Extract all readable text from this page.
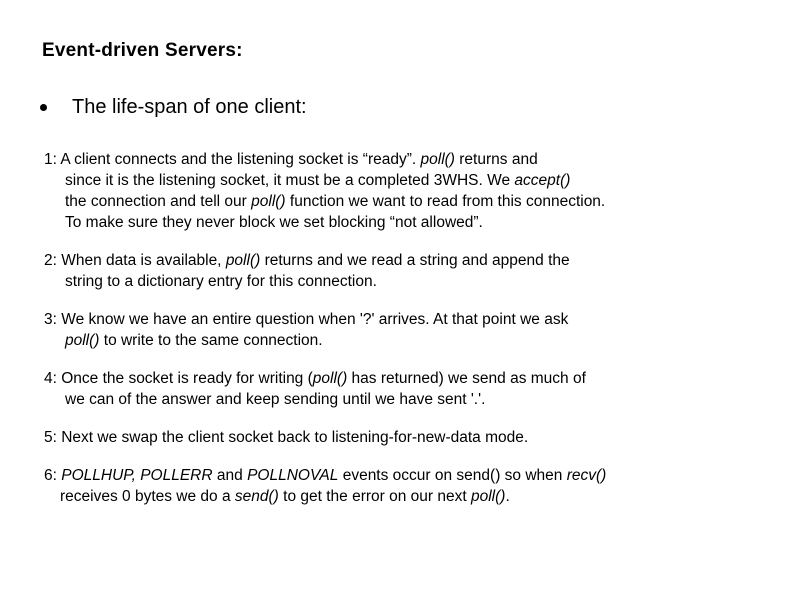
Event-driven Servers:
The life-span of one client:
1: A client connects and the listening socket is “ready”. poll() returns and
since it is the listening socket, it must be a completed 3WHS. We accept()
the connection and tell our poll() function we want to read from this connection.
To make sure they never block we set blocking “not allowed”.
2: When data is available, poll() returns and we read a string and append the
string to a dictionary entry for this connection.
3: We know we have an entire question when '?' arrives. At that point we ask
poll() to write to the same connection.
4: Once the socket is ready for writing (poll() has returned) we send as much of
we can of the answer and keep sending until we have sent '.'.
5: Next we swap the client socket back to listening-for-new-data mode.
6: POLLHUP, POLLERR and POLLNOVAL events occur on send() so when recv()
receives 0 bytes we do a send() to get the error on our next poll().
